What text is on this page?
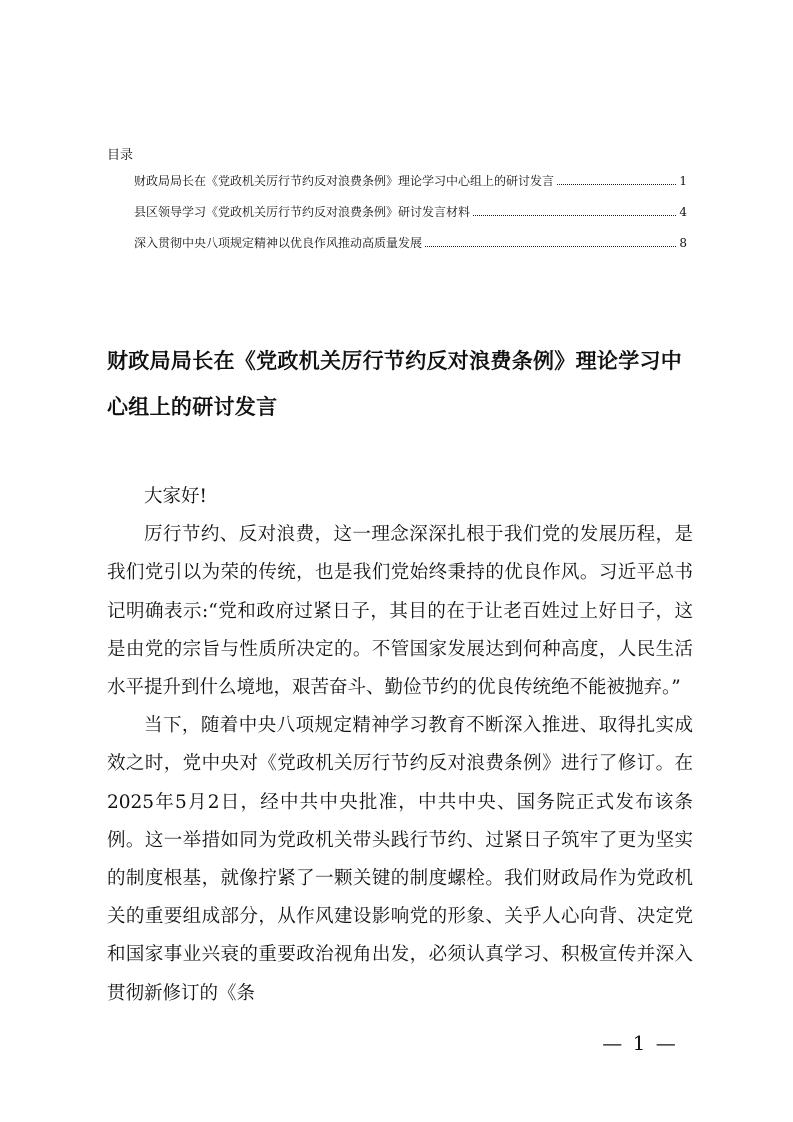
目录
财政局局长在《党政机关厉行节约反对浪费条例》理论学习中心组上的研讨发言	1
县区领导学习《党政机关厉行节约反对浪费条例》研讨发言材料	4
深入贯彻中央八项规定精神以优良作风推动高质量发展	8
财政局局长在《党政机关厉行节约反对浪费条例》理论学习中心组上的研讨发言

大家好!

厉行节约、反对浪费，这一理念深深扎根于我们党的发展历程，是我们党引以为荣的传统，也是我们党始终秉持的优良作风。习近平总书记明确表示:“党和政府过紧日子，其目的在于让老百姓过上好日子，这是由党的宗旨与性质所决定的。不管国家发展达到何种高度，人民生活水平提升到什么境地，艰苦奋斗、勤俭节约的优良传统绝不能被抛弃。”

当下，随着中央八项规定精神学习教育不断深入推进、取得扎实成效之时，党中央对《党政机关厉行节约反对浪费条例》进行了修订。在2025年5月2日，经中共中央批准，中共中央、国务院正式发布该条例。这一举措如同为党政机关带头践行节约、过紧日子筑牢了更为坚实的制度根基，就像拧紧了一颗关键的制度螺栓。我们财政局作为党政机关的重要组成部分，从作风建设影响党的形象、关乎人心向背、决定党和国家事业兴衰的重要政治视角出发，必须认真学习、积极宣传并深入贯彻新修订的《条

— 1 —
